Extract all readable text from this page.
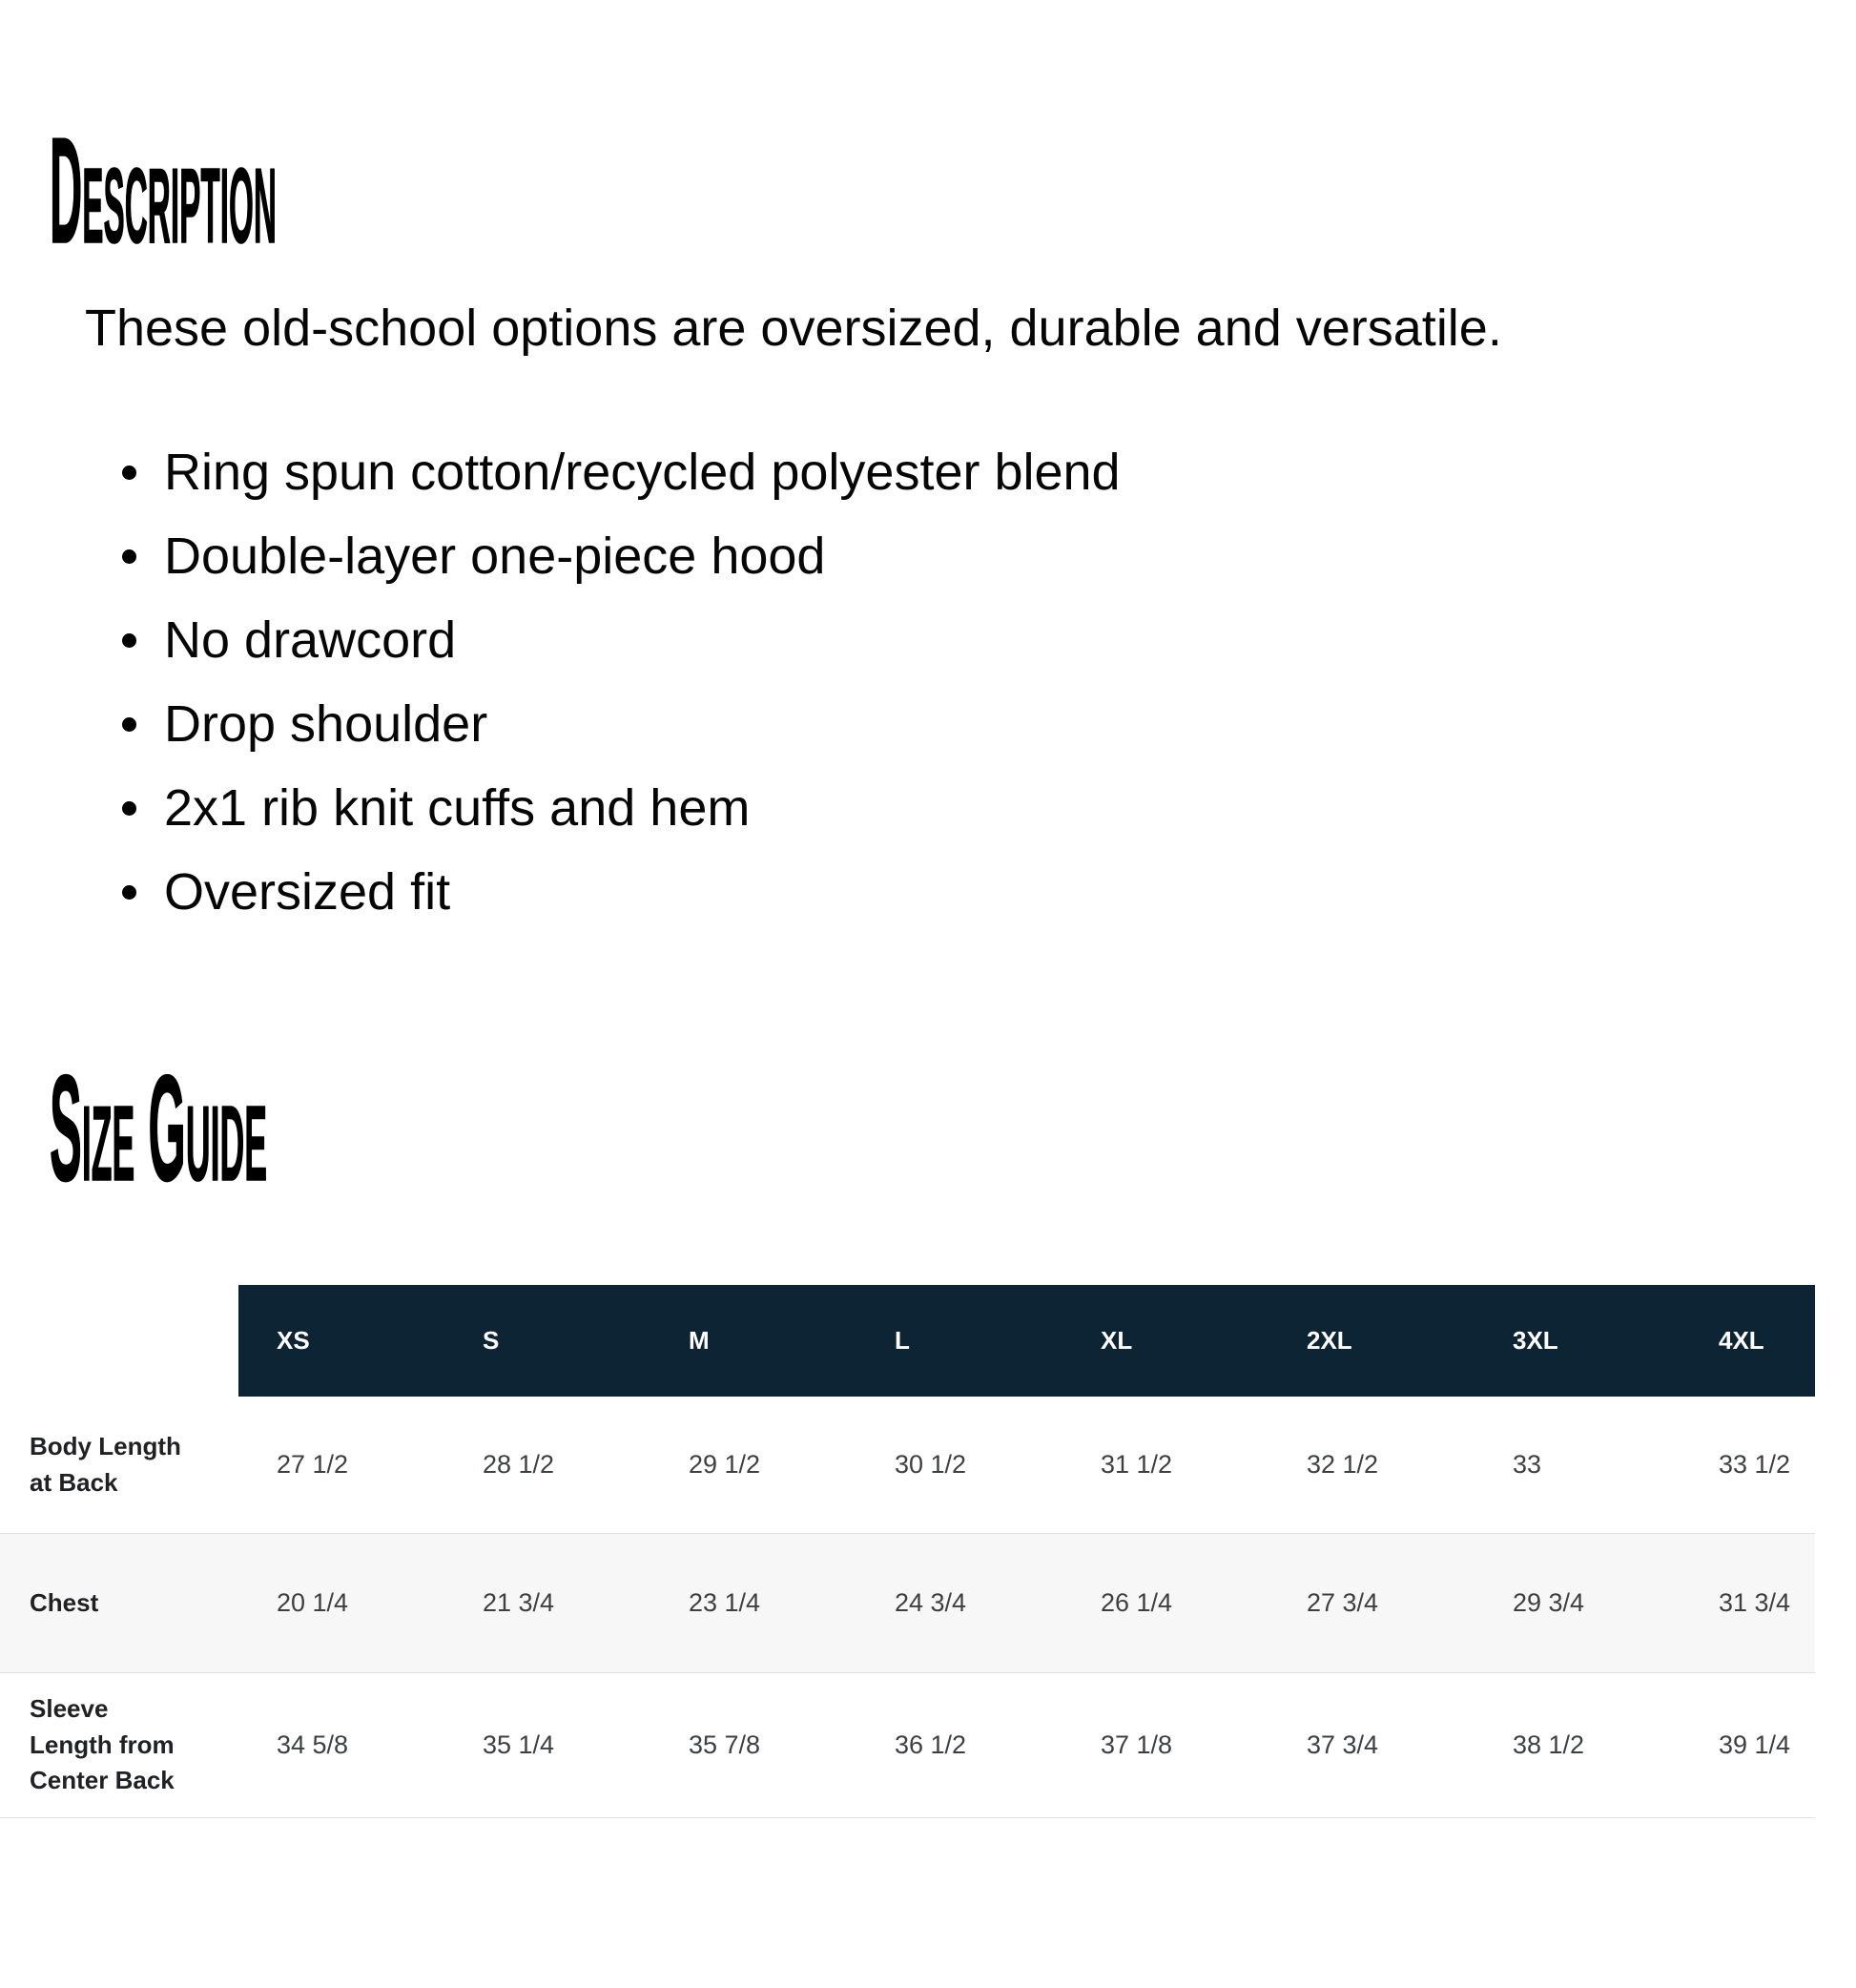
Description

These old-school options are oversized, durable and versatile.

Ring spun cotton/recycled polyester blend
Double-layer one-piece hood
No drawcord
Drop shoulder
2x1 rib knit cuffs and hem
Oversized fit
Size Guide
	XS	S	M	L	XL	2XL	3XL	4XL
Body Length at Back	27 1/2	28 1/2	29 1/2	30 1/2	31 1/2	32 1/2	33	33 1/2
Chest	20 1/4	21 3/4	23 1/4	24 3/4	26 1/4	27 3/4	29 3/4	31 3/4
Sleeve Length from Center Back	34 5/8	35 1/4	35 7/8	36 1/2	37 1/8	37 3/4	38 1/2	39 1/4
